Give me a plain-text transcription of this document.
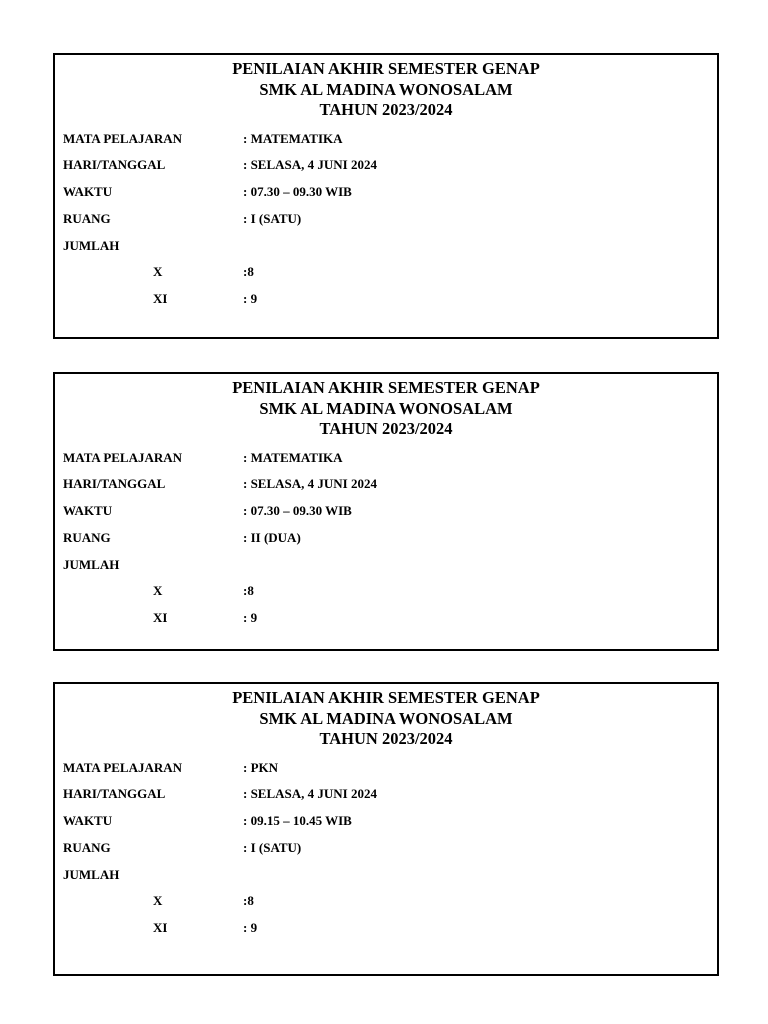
PENILAIAN AKHIR SEMESTER GENAP
SMK AL MADINA WONOSALAM
TAHUN 2023/2024
MATA PELAJARAN	: MATEMATIKA
HARI/TANGGAL	: SELASA, 4 JUNI 2024
WAKTU	: 07.30 – 09.30 WIB
RUANG	: I (SATU)
JUMLAH
X	:8
XI	: 9
PENILAIAN AKHIR SEMESTER GENAP
SMK AL MADINA WONOSALAM
TAHUN 2023/2024
MATA PELAJARAN	: MATEMATIKA
HARI/TANGGAL	: SELASA, 4 JUNI 2024
WAKTU	: 07.30 – 09.30 WIB
RUANG	: II (DUA)
JUMLAH
X	:8
XI	: 9
PENILAIAN AKHIR SEMESTER GENAP
SMK AL MADINA WONOSALAM
TAHUN 2023/2024
MATA PELAJARAN	: PKN
HARI/TANGGAL	: SELASA, 4 JUNI 2024
WAKTU	: 09.15 – 10.45 WIB
RUANG	: I (SATU)
JUMLAH
X	:8
XI	: 9
